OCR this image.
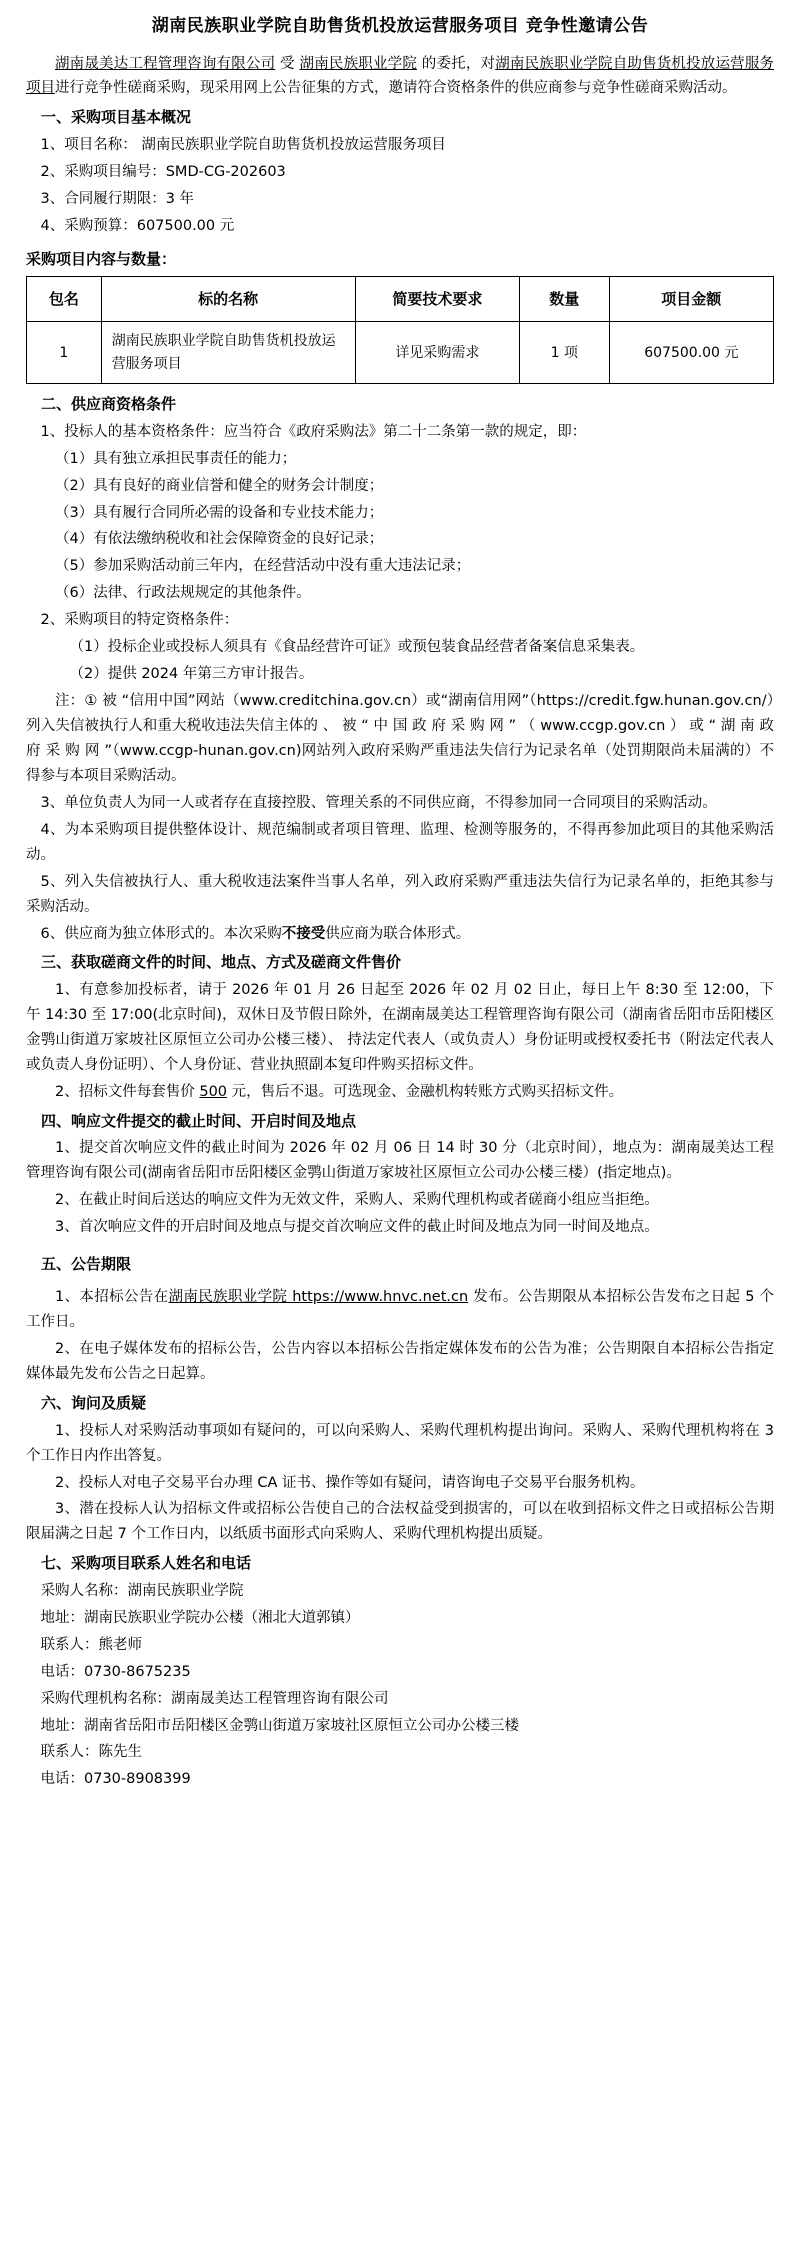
湖南民族职业学院自助售货机投放运营服务项目 竞争性邀请公告

湖南晟美达工程管理咨询有限公司 受 湖南民族职业学院 的委托，对湖南民族职业学院自助售货机投放运营服务项目进行竞争性磋商采购，现采用网上公告征集的方式，邀请符合资格条件的供应商参与竞争性磋商采购活动。

一、采购项目基本概况

1、项目名称： 湖南民族职业学院自助售货机投放运营服务项目

2、采购项目编号：SMD-CG-202603

3、合同履行期限：3 年

4、采购预算：607500.00 元

采购项目内容与数量：

包名	标的名称	简要技术要求	数量	项目金额
1	湖南民族职业学院自助售货机投放运营服务项目	详见采购需求	1 项	607500.00 元

二、供应商资格条件

1、投标人的基本资格条件：应当符合《政府采购法》第二十二条第一款的规定，即：

（1）具有独立承担民事责任的能力；

（2）具有良好的商业信誉和健全的财务会计制度；

（3）具有履行合同所必需的设备和专业技术能力；

（4）有依法缴纳税收和社会保障资金的良好记录；

（5）参加采购活动前三年内，在经营活动中没有重大违法记录；

（6）法律、行政法规规定的其他条件。

2、采购项目的特定资格条件：

（1）投标企业或投标人须具有《食品经营许可证》或预包装食品经营者备案信息采集表。

（2）提供 2024 年第三方审计报告。

注：① 被 “信用中国”网站（www.creditchina.gov.cn）或“湖南信用网”（https://credit.fgw.hunan.gov.cn/）列入失信被执行人和重大税收违法失信主体的 、 被 “ 中 国 政 府 采 购 网 ” （ www.ccgp.gov.cn ） 或 “ 湖 南 政 府 采 购 网 ”（www.ccgp-hunan.gov.cn)网站列入政府采购严重违法失信行为记录名单（处罚期限尚未届满的）不得参与本项目采购活动。

3、单位负责人为同一人或者存在直接控股、管理关系的不同供应商，不得参加同一合同项目的采购活动。

4、为本采购项目提供整体设计、规范编制或者项目管理、监理、检测等服务的，不得再参加此项目的其他采购活动。

5、列入失信被执行人、重大税收违法案件当事人名单，列入政府采购严重违法失信行为记录名单的，拒绝其参与采购活动。

6、供应商为独立体形式的。本次采购不接受供应商为联合体形式。

三、获取磋商文件的时间、地点、方式及磋商文件售价

1、有意参加投标者，请于 2026 年 01 月 26 日起至 2026 年 02 月 02 日止，每日上午 8:30 至 12:00，下午 14:30 至 17:00(北京时间)，双休日及节假日除外，在湖南晟美达工程管理咨询有限公司（湖南省岳阳市岳阳楼区金鹗山街道万家坡社区原恒立公司办公楼三楼）、 持法定代表人（或负责人）身份证明或授权委托书（附法定代表人或负责人身份证明）、个人身份证、营业执照副本复印件购买招标文件。

2、招标文件每套售价 500 元，售后不退。可选现金、金融机构转账方式购买招标文件。

四、响应文件提交的截止时间、开启时间及地点

1、提交首次响应文件的截止时间为 2026 年 02 月 06 日 14 时 30 分（北京时间），地点为：湖南晟美达工程管理咨询有限公司(湖南省岳阳市岳阳楼区金鹗山街道万家坡社区原恒立公司办公楼三楼）(指定地点)。

2、在截止时间后送达的响应文件为无效文件，采购人、采购代理机构或者磋商小组应当拒绝。

3、首次响应文件的开启时间及地点与提交首次响应文件的截止时间及地点为同一时间及地点。

五、公告期限

1、本招标公告在湖南民族职业学院 https://www.hnvc.net.cn 发布。公告期限从本招标公告发布之日起 5 个工作日。

2、在电子媒体发布的招标公告，公告内容以本招标公告指定媒体发布的公告为准；公告期限自本招标公告指定媒体最先发布公告之日起算。

六、询问及质疑

1、投标人对采购活动事项如有疑问的，可以向采购人、采购代理机构提出询问。采购人、采购代理机构将在 3 个工作日内作出答复。

2、投标人对电子交易平台办理 CA 证书、操作等如有疑问，请咨询电子交易平台服务机构。

3、潜在投标人认为招标文件或招标公告使自己的合法权益受到损害的，可以在收到招标文件之日或招标公告期限届满之日起 7 个工作日内，以纸质书面形式向采购人、采购代理机构提出质疑。

七、采购项目联系人姓名和电话

采购人名称：湖南民族职业学院

地址：湖南民族职业学院办公楼（湘北大道郭镇）

联系人：熊老师

电话：0730-8675235

采购代理机构名称：湖南晟美达工程管理咨询有限公司

地址：湖南省岳阳市岳阳楼区金鹗山街道万家坡社区原恒立公司办公楼三楼

联系人：陈先生

电话：0730-8908399
